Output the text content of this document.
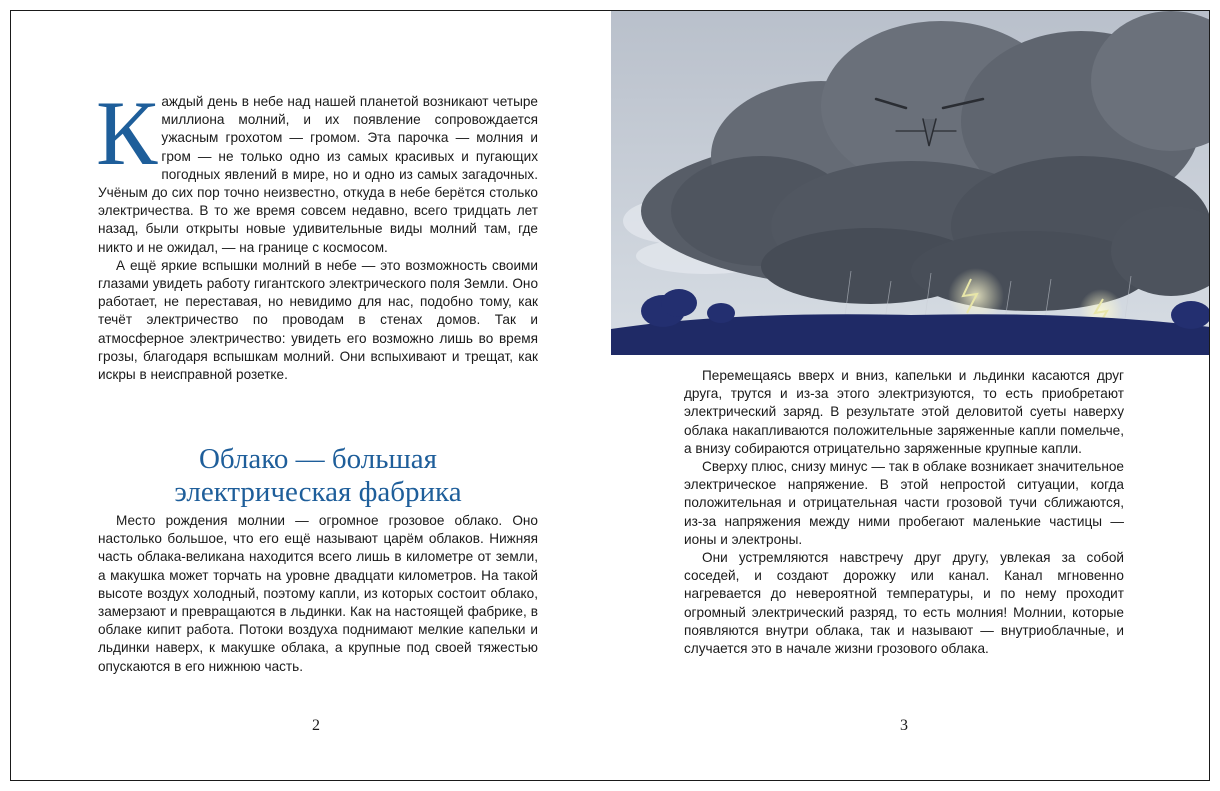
К аждый день в небе над нашей планетой возникают четыре миллиона молний, и их появление сопровождается ужасным грохотом — громом. Эта парочка — молния и гром — не только одно из самых красивых и пугающих погодных явлений в мире, но и одно из самых загадочных. Учёным до сих пор точно неизвестно, откуда в небе берётся столько электричества. В то же время совсем недавно, всего тридцать лет назад, были открыты новые удивительные виды молний там, где никто и не ожидал, — на границе с космосом.

А ещё яркие вспышки молний в небе — это возможность своими глазами увидеть работу гигантского электрического поля Земли. Оно работает, не переставая, но невидимо для нас, подобно тому, как течёт электричество по проводам в стенах домов. Так и атмосферное электричество: увидеть его возможно лишь во время грозы, благодаря вспышкам молний. Они вспыхивают и трещат, как искры в неисправной розетке.

Облако — большая
электрическая фабрика

Место рождения молнии — огромное грозовое облако. Оно настолько большое, что его ещё называют царём облаков. Нижняя часть облака-великана находится всего лишь в километре от земли, а макушка может торчать на уровне двадцати километров. На такой высоте воздух холодный, поэтому капли, из которых состоит облако, замерзают и превращаются в льдинки. Как на настоящей фабрике, в облаке кипит работа. Потоки воздуха поднимают мелкие капельки и льдинки наверх, к макушке облака, а крупные под своей тяжестью опускаются в его нижнюю часть.

2

Перемещаясь вверх и вниз, капельки и льдинки касаются друг друга, трутся и из-за этого электризуются, то есть приобретают электрический заряд. В результате этой деловитой суеты наверху облака накапливаются положительные заряженные капли помельче, а внизу собираются отрицательно заряженные крупные капли.

Сверху плюс, снизу минус — так в облаке возникает значительное электрическое напряжение. В этой непростой ситуации, когда положительная и отрицательная части грозовой тучи сближаются, из-за напряжения между ними пробегают маленькие частицы — ионы и электроны.

Они устремляются навстречу друг другу, увлекая за собой соседей, и создают дорожку или канал. Канал мгновенно нагревается до невероятной температуры, и по нему проходит огромный электрический разряд, то есть молния! Молнии, которые появляются внутри облака, так и называют — внутриоблачные, и случается это в начале жизни грозового облака.

3
